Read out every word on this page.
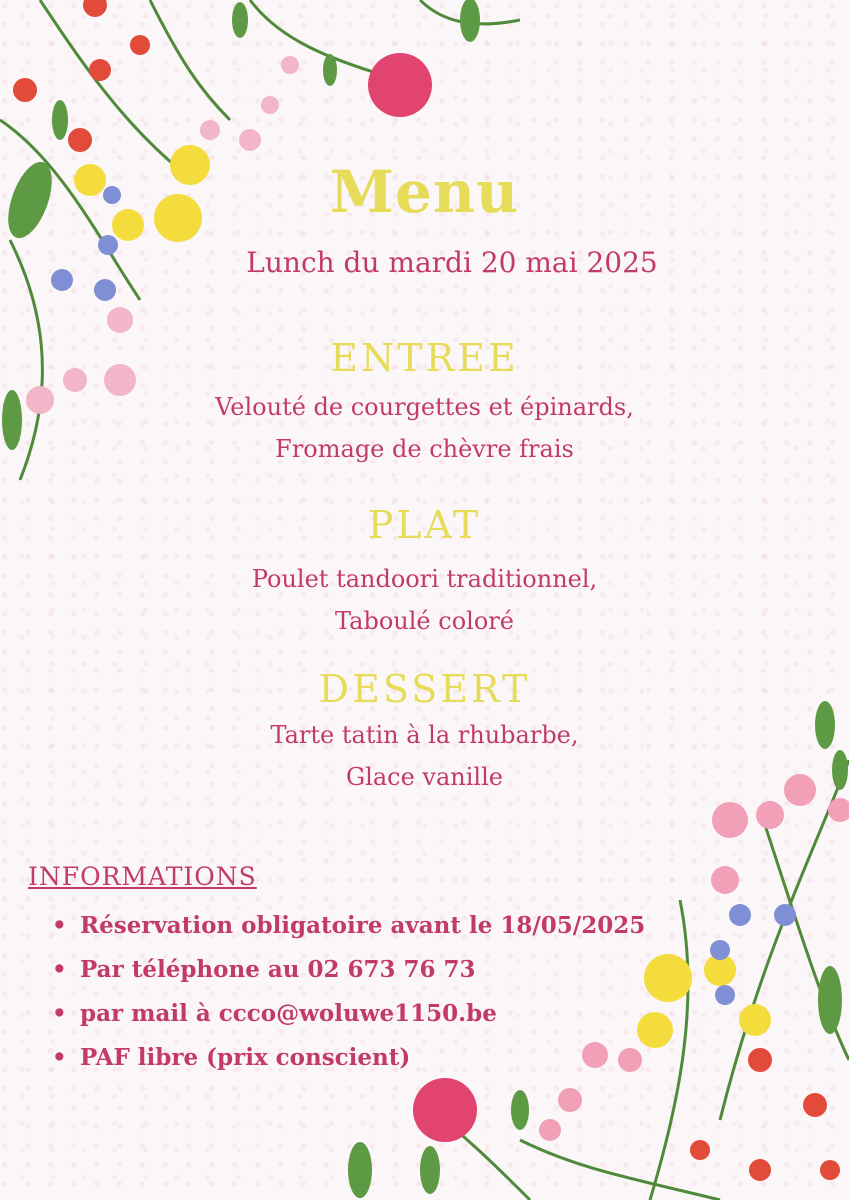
Menu
Lunch du mardi 20 mai 2025
ENTREE
Velouté de courgettes et épinards,
Fromage de chèvre frais
PLAT
Poulet tandoori traditionnel,
Taboulé coloré
DESSERT
Tarte tatin à la rhubarbe,
Glace vanille
INFORMATIONS
• Réservation obligatoire avant le 18/05/2025
• Par téléphone au 02 673 76 73
• par mail à ccco@woluwe1150.be
• PAF libre (prix conscient)
